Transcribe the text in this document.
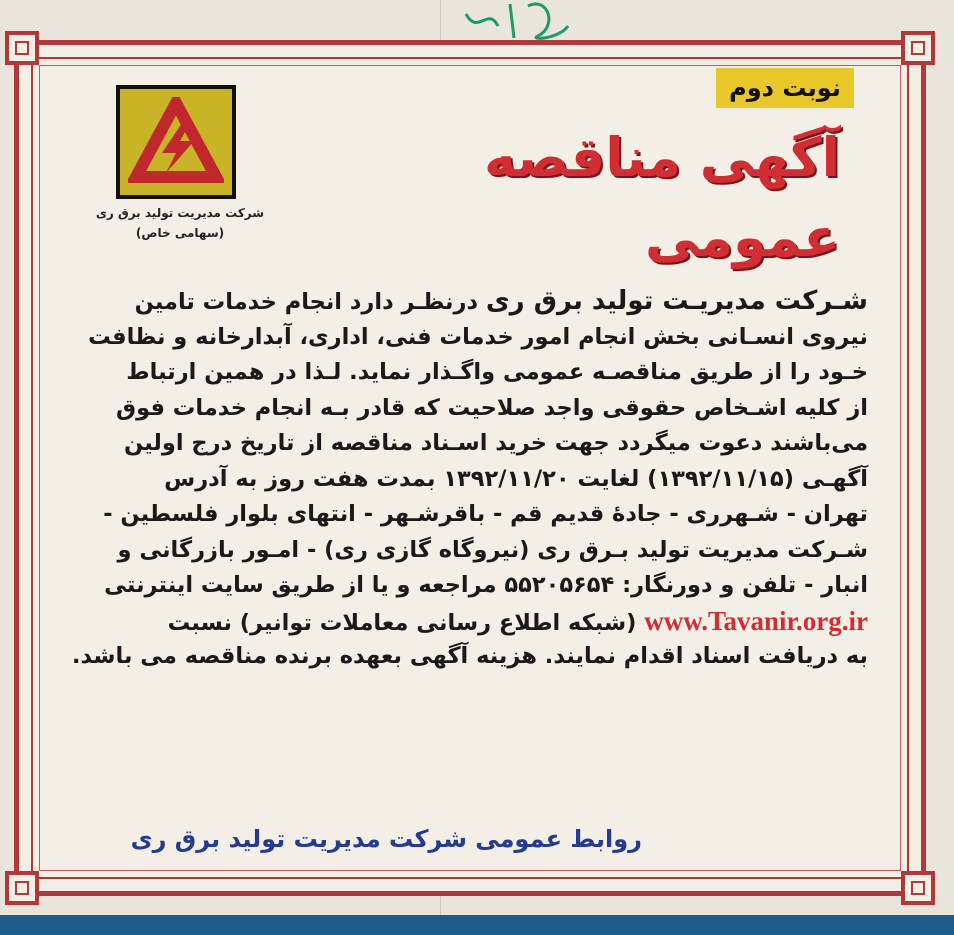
نوبت دوم
آگهی مناقصه عمومی
شرکت مدیریت تولید برق ری
(سهامی خاص)
شـرکت مدیریـت تولید برق ری درنظـر دارد انجام خدمات تامین
نیروی انسـانی بخش انجام امور خدمات فنی، اداری، آبدارخانه و نظافت
خـود را از طریق مناقصـه عمومی واگـذار نماید. لـذا در همین ارتباط
از کلیه اشـخاص حقوقی واجد صلاحیت که قادر بـه انجام خدمات فوق
می‌باشند دعوت میگردد جهت خرید اسـناد مناقصه از تاریخ درج اولین
آگهـی (۱۳۹۲/۱۱/۱۵) لغایت ۱۳۹۲/۱۱/۲۰ بمدت هفت روز به آدرس
تهران - شـهرری - جادۀ قدیم قم - باقرشـهر - انتهای بلوار فلسطین -
شـرکت مدیریت تولید بـرق ری (نیروگاه گازی ری) - امـور بازرگانی و
انبار - تلفن و دورنگار: ۵۵۲۰۵۶۵۴ مراجعه و یا از طریق سایت اینترنتی
www.Tavanir.org.ir (شبکه اطلاع رسانی معاملات توانیر) نسبت
به دریافت اسناد اقدام نمایند. هزینه آگهی بعهده برنده مناقصه می باشد.
روابط عمومی شرکت مدیریت تولید برق ری
